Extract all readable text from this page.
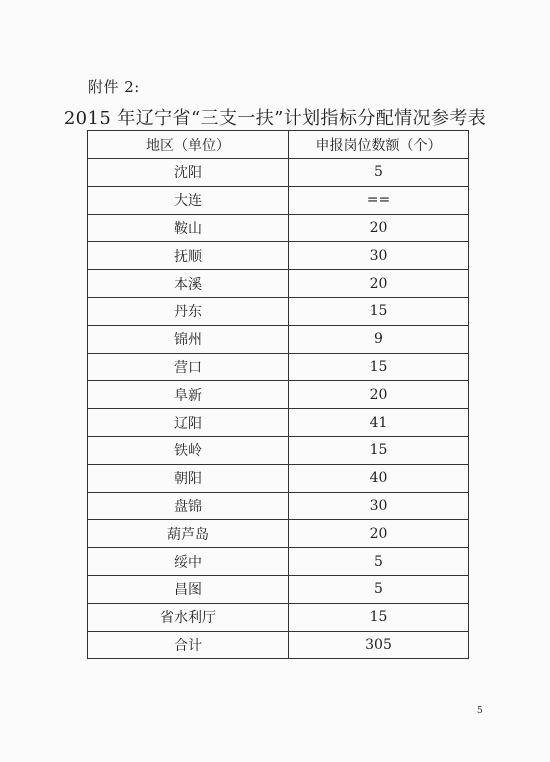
附件 2:
2015 年辽宁省“三支一扶”计划指标分配情况参考表
地区（单位）	申报岗位数额（个）
沈阳	5
大连	==
鞍山	20
抚顺	30
本溪	20
丹东	15
锦州	9
营口	15
阜新	20
辽阳	41
铁岭	15
朝阳	40
盘锦	30
葫芦岛	20
绥中	5
昌图	5
省水利厅	15
合计	305
5
